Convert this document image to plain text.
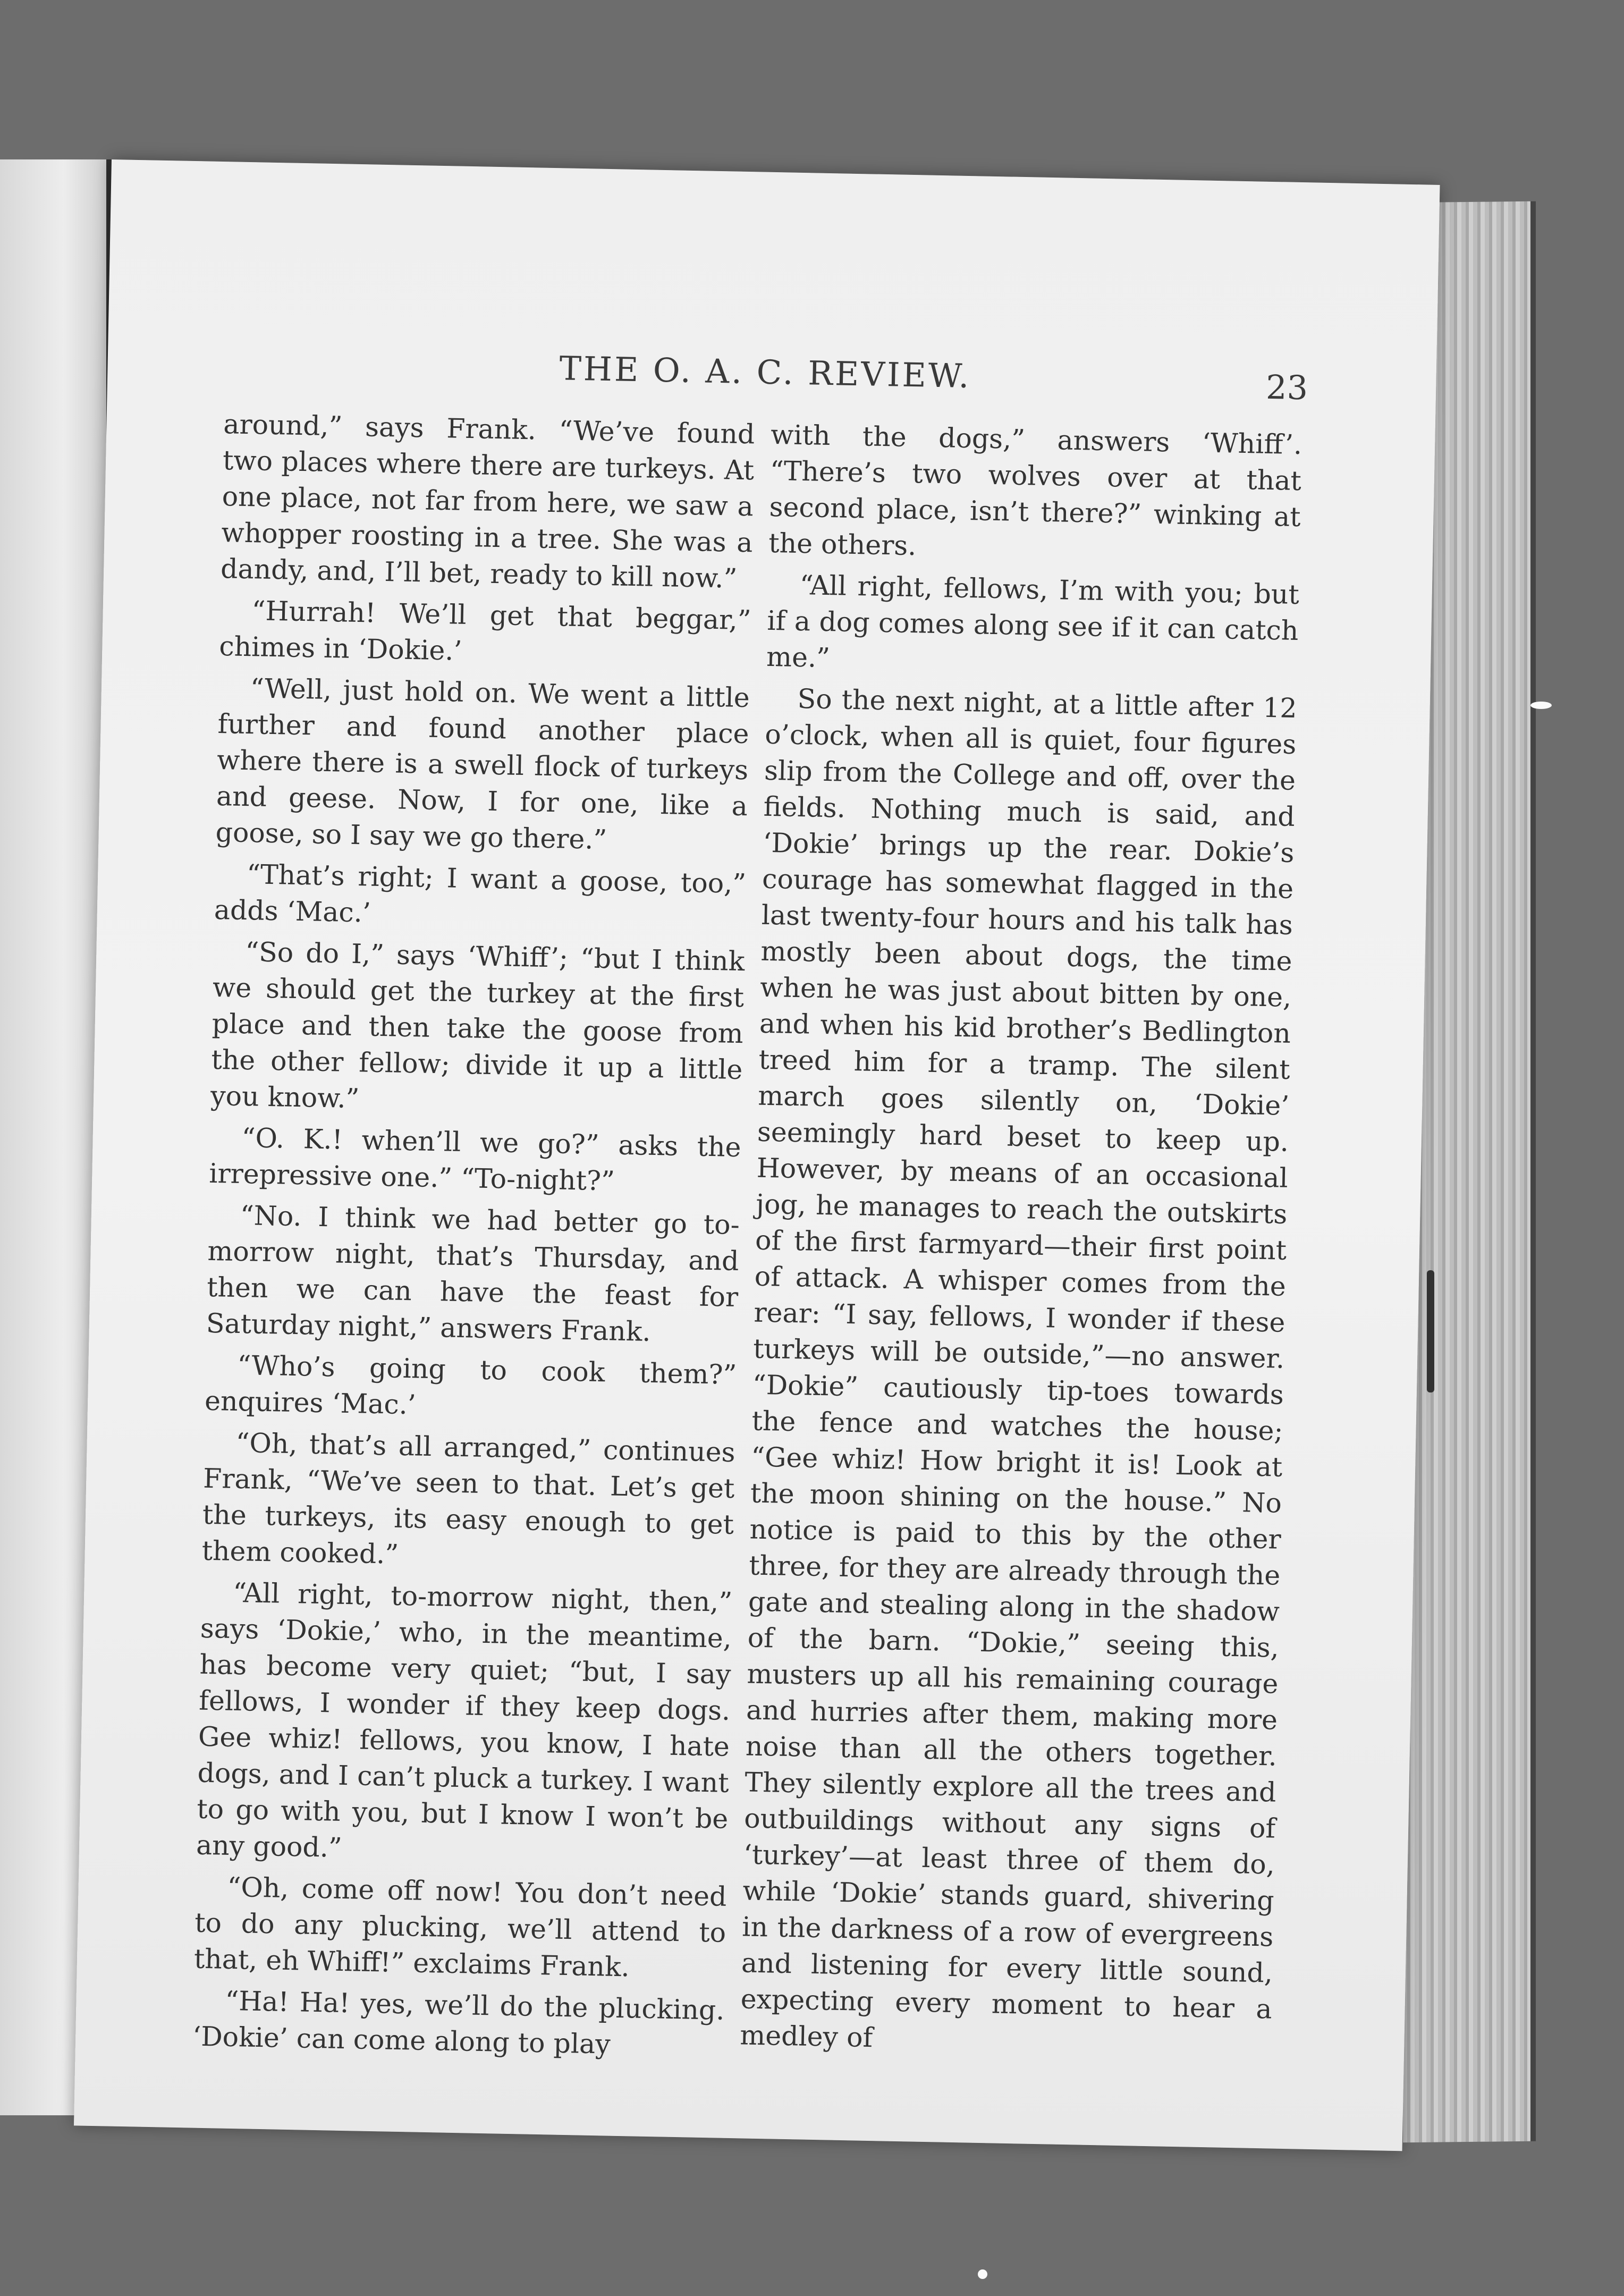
THE O. A. C. REVIEW.	23

around,” says Frank. “We’ve found two places where there are turkeys. At one place, not far from here, we saw a whopper roosting in a tree. She was a dandy, and, I’ll bet, ready to kill now.”

“Hurrah! We’ll get that beggar,” chimes in ‘Dokie.’

“Well, just hold on. We went a little further and found another place where there is a swell flock of turkeys and geese. Now, I for one, like a goose, so I say we go there.”

“That’s right; I want a goose, too,” adds ‘Mac.’

“So do I,” says ‘Whiff’; “but I think we should get the turkey at the first place and then take the goose from the other fellow; divide it up a little you know.”

“O. K.! when’ll we go?” asks the irrepressive one.” “To-night?”

“No. I think we had better go to-morrow night, that’s Thursday, and then we can have the feast for Saturday night,” answers Frank.

“Who’s going to cook them?” enquires ‘Mac.’

“Oh, that’s all arranged,” continues Frank, “We’ve seen to that. Let’s get the turkeys, its easy enough to get them cooked.”

“All right, to-morrow night, then,” says ‘Dokie,’ who, in the meantime, has become very quiet; “but, I say fellows, I wonder if they keep dogs. Gee whiz! fellows, you know, I hate dogs, and I can’t pluck a turkey. I want to go with you, but I know I won’t be any good.”

“Oh, come off now! You don’t need to do any plucking, we’ll attend to that, eh Whiff!” exclaims Frank.

“Ha! Ha! yes, we’ll do the plucking. ‘Dokie’ can come along to play

with the dogs,” answers ‘Whiff’. “There’s two wolves over at that second place, isn’t there?” winking at the others.

“All right, fellows, I’m with you; but if a dog comes along see if it can catch me.”

So the next night, at a little after 12 o’clock, when all is quiet, four figures slip from the College and off, over the fields. Nothing much is said, and ‘Dokie’ brings up the rear. Dokie’s courage has somewhat flagged in the last twenty-four hours and his talk has mostly been about dogs, the time when he was just about bitten by one, and when his kid brother’s Bedlington treed him for a tramp. The silent march goes silently on, ‘Dokie’ seemingly hard beset to keep up. However, by means of an occasional jog, he manages to reach the outskirts of the first farmyard—their first point of attack. A whisper comes from the rear: “I say, fellows, I wonder if these turkeys will be outside,”—no answer. “Dokie” cautiously tip-toes towards the fence and watches the house; “Gee whiz! How bright it is! Look at the moon shining on the house.” No notice is paid to this by the other three, for they are already through the gate and stealing along in the shadow of the barn. “Dokie,” seeing this, musters up all his remaining courage and hurries after them, making more noise than all the others together. They silently explore all the trees and outbuildings without any signs of ‘turkey’—at least three of them do, while ‘Dokie’ stands guard, shivering in the darkness of a row of evergreens and listening for every little sound, expecting every moment to hear a medley of
